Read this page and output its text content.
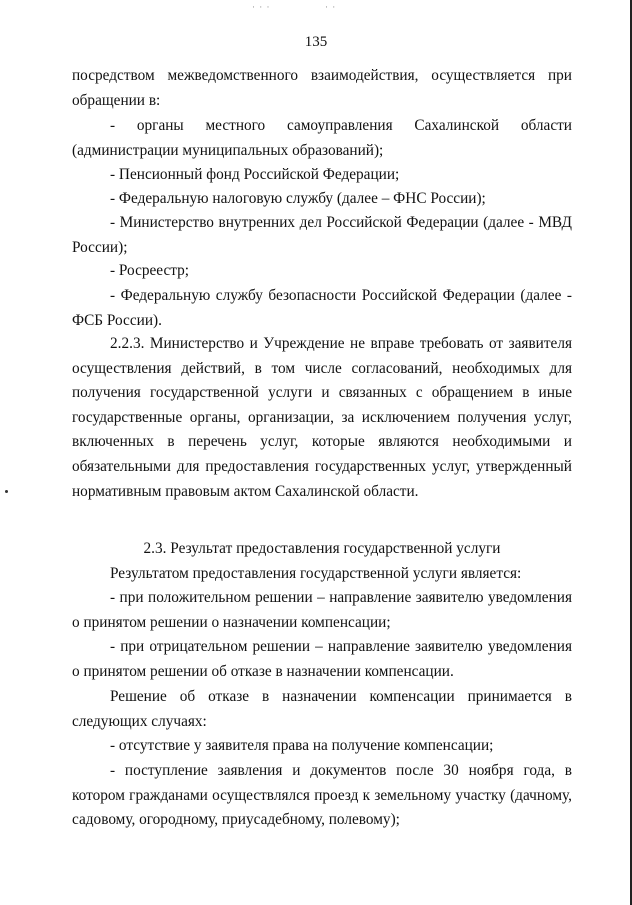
· · ·	· ·
135

посредством межведомственного взаимодействия, осуществляется при обращении в:

- органы местного самоуправления Сахалинской области (администрации муниципальных образований);

- Пенсионный фонд Российской Федерации;

- Федеральную налоговую службу (далее – ФНС России);

- Министерство внутренних дел Российской Федерации (далее - МВД России);

- Росреестр;

- Федеральную службу безопасности Российской Федерации (далее - ФСБ России).

2.2.3. Министерство и Учреждение не вправе требовать от заявителя осуществления действий, в том числе согласований, необходимых для получения государственной услуги и связанных с обращением в иные государственные органы, организации, за исключением получения услуг, включенных в перечень услуг, которые являются необходимыми и обязательными для предоставления государственных услуг, утвержденный нормативным правовым актом Сахалинской области.

2.3. Результат предоставления государственной услуги

Результатом предоставления государственной услуги является:

- при положительном решении – направление заявителю уведомления о принятом решении о назначении компенсации;

- при отрицательном решении – направление заявителю уведомления о принятом решении об отказе в назначении компенсации.

Решение об отказе в назначении компенсации принимается в следующих случаях:

- отсутствие у заявителя права на получение компенсации;

- поступление заявления и документов после 30 ноября года, в котором гражданами осуществлялся проезд к земельному участку (дачному, садовому, огородному, приусадебному, полевому);
